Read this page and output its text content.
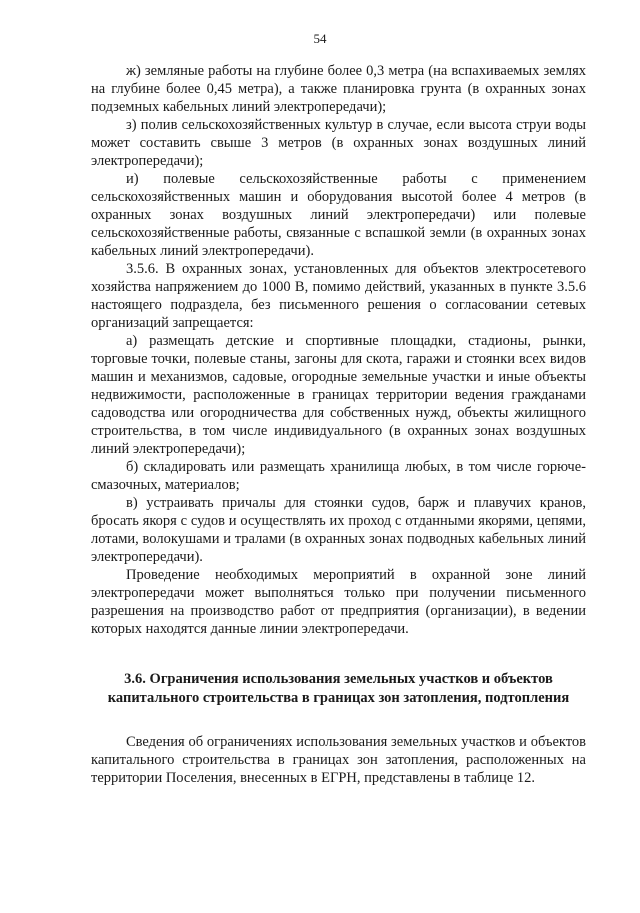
54

ж) земляные работы на глубине более 0,3 метра (на вспахиваемых землях на глубине более 0,45 метра), а также планировка грунта (в охранных зонах подземных кабельных линий электропередачи);

з) полив сельскохозяйственных культур в случае, если высота струи воды может составить свыше 3 метров (в охранных зонах воздушных линий электропередачи);

и) полевые сельскохозяйственные работы с применением сельскохозяйственных машин и оборудования высотой более 4 метров (в охранных зонах воздушных линий электропередачи) или полевые сельскохозяйственные работы, связанные с вспашкой земли (в охранных зонах кабельных линий электропередачи).

3.5.6. В охранных зонах, установленных для объектов электросетевого хозяйства напряжением до 1000 В, помимо действий, указанных в пункте 3.5.6 настоящего подраздела, без письменного решения о согласовании сетевых организаций запрещается:

а) размещать детские и спортивные площадки, стадионы, рынки, торговые точки, полевые станы, загоны для скота, гаражи и стоянки всех видов машин и механизмов, садовые, огородные земельные участки и иные объекты недвижимости, расположенные в границах территории ведения гражданами садоводства или огородничества для собственных нужд, объекты жилищного строительства, в том числе индивидуального (в охранных зонах воздушных линий электропередачи);

б) складировать или размещать хранилища любых, в том числе горюче-смазочных, материалов;

в) устраивать причалы для стоянки судов, барж и плавучих кранов, бросать якоря с судов и осуществлять их проход с отданными якорями, цепями, лотами, волокушами и тралами (в охранных зонах подводных кабельных линий электропередачи).

Проведение необходимых мероприятий в охранной зоне линий электропередачи может выполняться только при получении письменного разрешения на производство работ от предприятия (организации), в ведении которых находятся данные линии электропередачи.

3.6. Ограничения использования земельных участков и объектов капитального строительства в границах зон затопления, подтопления

Сведения об ограничениях использования земельных участков и объектов капитального строительства в границах зон затопления, расположенных на территории Поселения, внесенных в ЕГРН, представлены в таблице 12.
